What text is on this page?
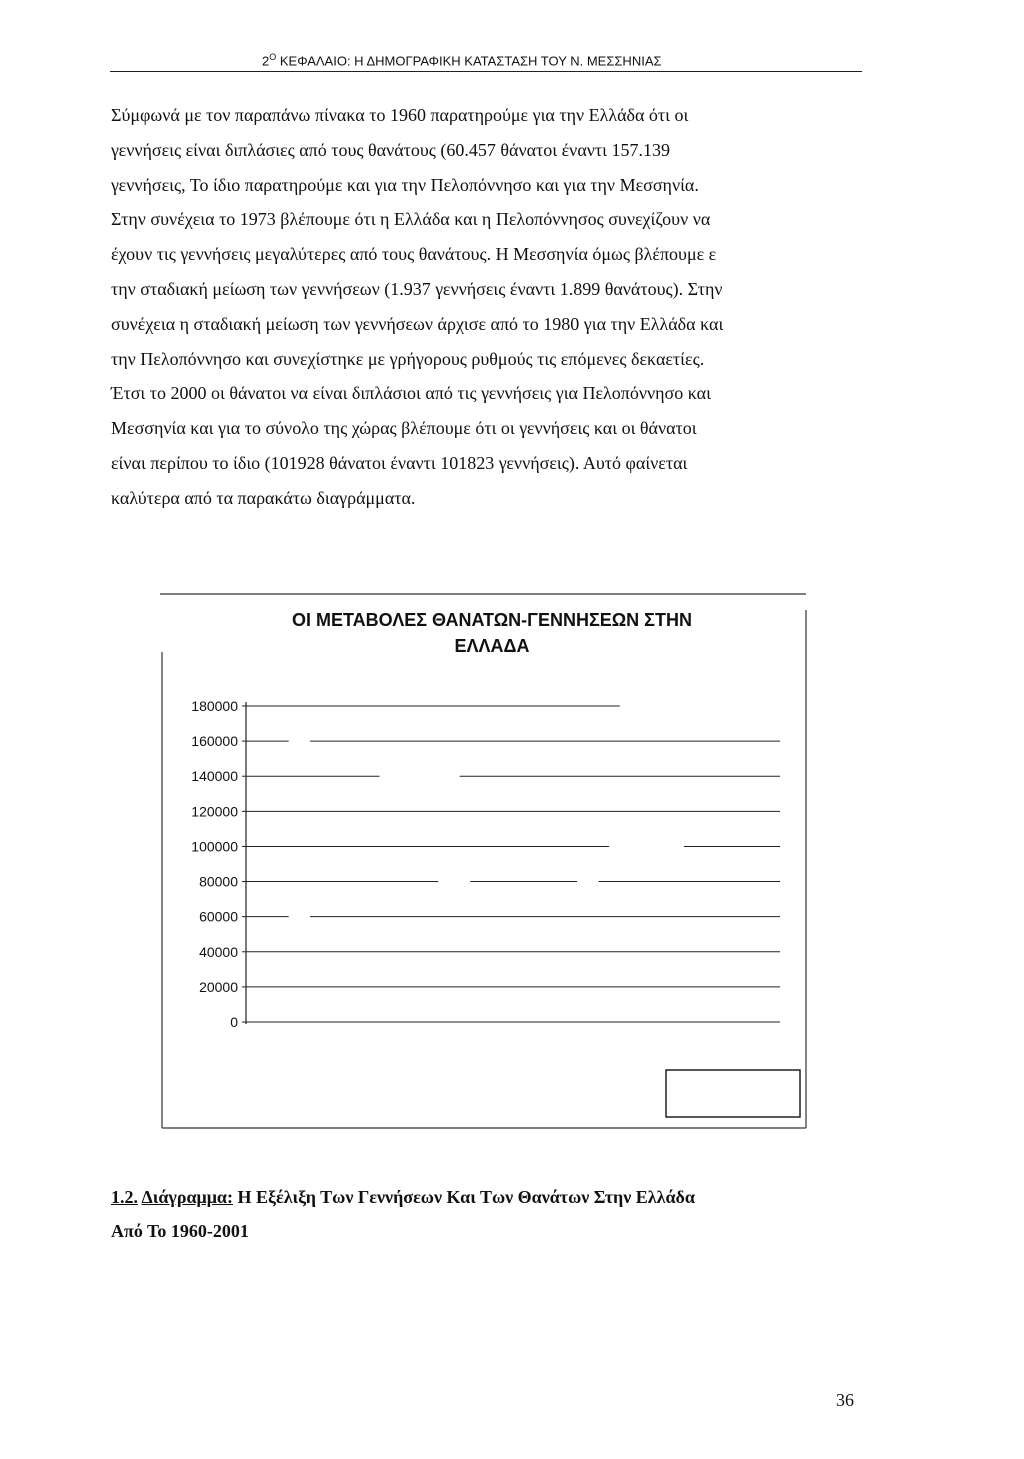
$2^O$ ΚΕΦΑΛΑΙΟ: Η ΔΗΜΟΓΡΑΦΙΚΗ ΚΑΤΑΣΤΑΣΗ ΤΟΥ Ν. ΜΕΣΣΗΝΙΑΣ
Σύμφωνά με τον παραπάνω πίνακα το 1960 παρατηρούμε για την Ελλάδα ότι οι
γεννήσεις είναι διπλάσιες από τους θανάτους (60.457 θάνατοι έναντι 157.139
γεννήσεις, Το ίδιο παρατηρούμε και για την Πελοπόννησο και για την Μεσσηνία.
Στην συνέχεια το 1973 βλέπουμε ότι η Ελλάδα και η Πελοπόννησος συνεχίζουν να
έχουν τις γεννήσεις μεγαλύτερες από τους θανάτους. Η Μεσσηνία όμως βλέπουμε ε
την σταδιακή μείωση των γεννήσεων (1.937 γεννήσεις έναντι 1.899 θανάτους). Στην
συνέχεια η σταδιακή μείωση των γεννήσεων άρχισε από το 1980 για την Ελλάδα και
την Πελοπόννησο και συνεχίστηκε με γρήγορους ρυθμούς τις επόμενες δεκαετίες.
Έτσι το 2000 οι θάνατοι να είναι διπλάσιοι από τις γεννήσεις για Πελοπόννησο και
Μεσσηνία και για το σύνολο της χώρας βλέπουμε ότι οι γεννήσεις και οι θάνατοι
είναι περίπου το ίδιο (101928 θάνατοι έναντι 101823 γεννήσεις). Αυτό φαίνεται
καλύτερα από τα παρακάτω διαγράμματα.
ΟΙ ΜΕΤΑΒΟΛΕΣ ΘΑΝΑΤΩΝ-ΓΕΝΝΗΣΕΩΝ ΣΤΗΝ
ΕΛΛΑΔΑ
0
20000
40000
60000
80000
100000
120000
140000
160000
180000
1.2. Διάγραμμα: Η Εξέλιξη Των Γεννήσεων Και Των Θανάτων Στην Ελλάδα
Από Το 1960-2001
36
